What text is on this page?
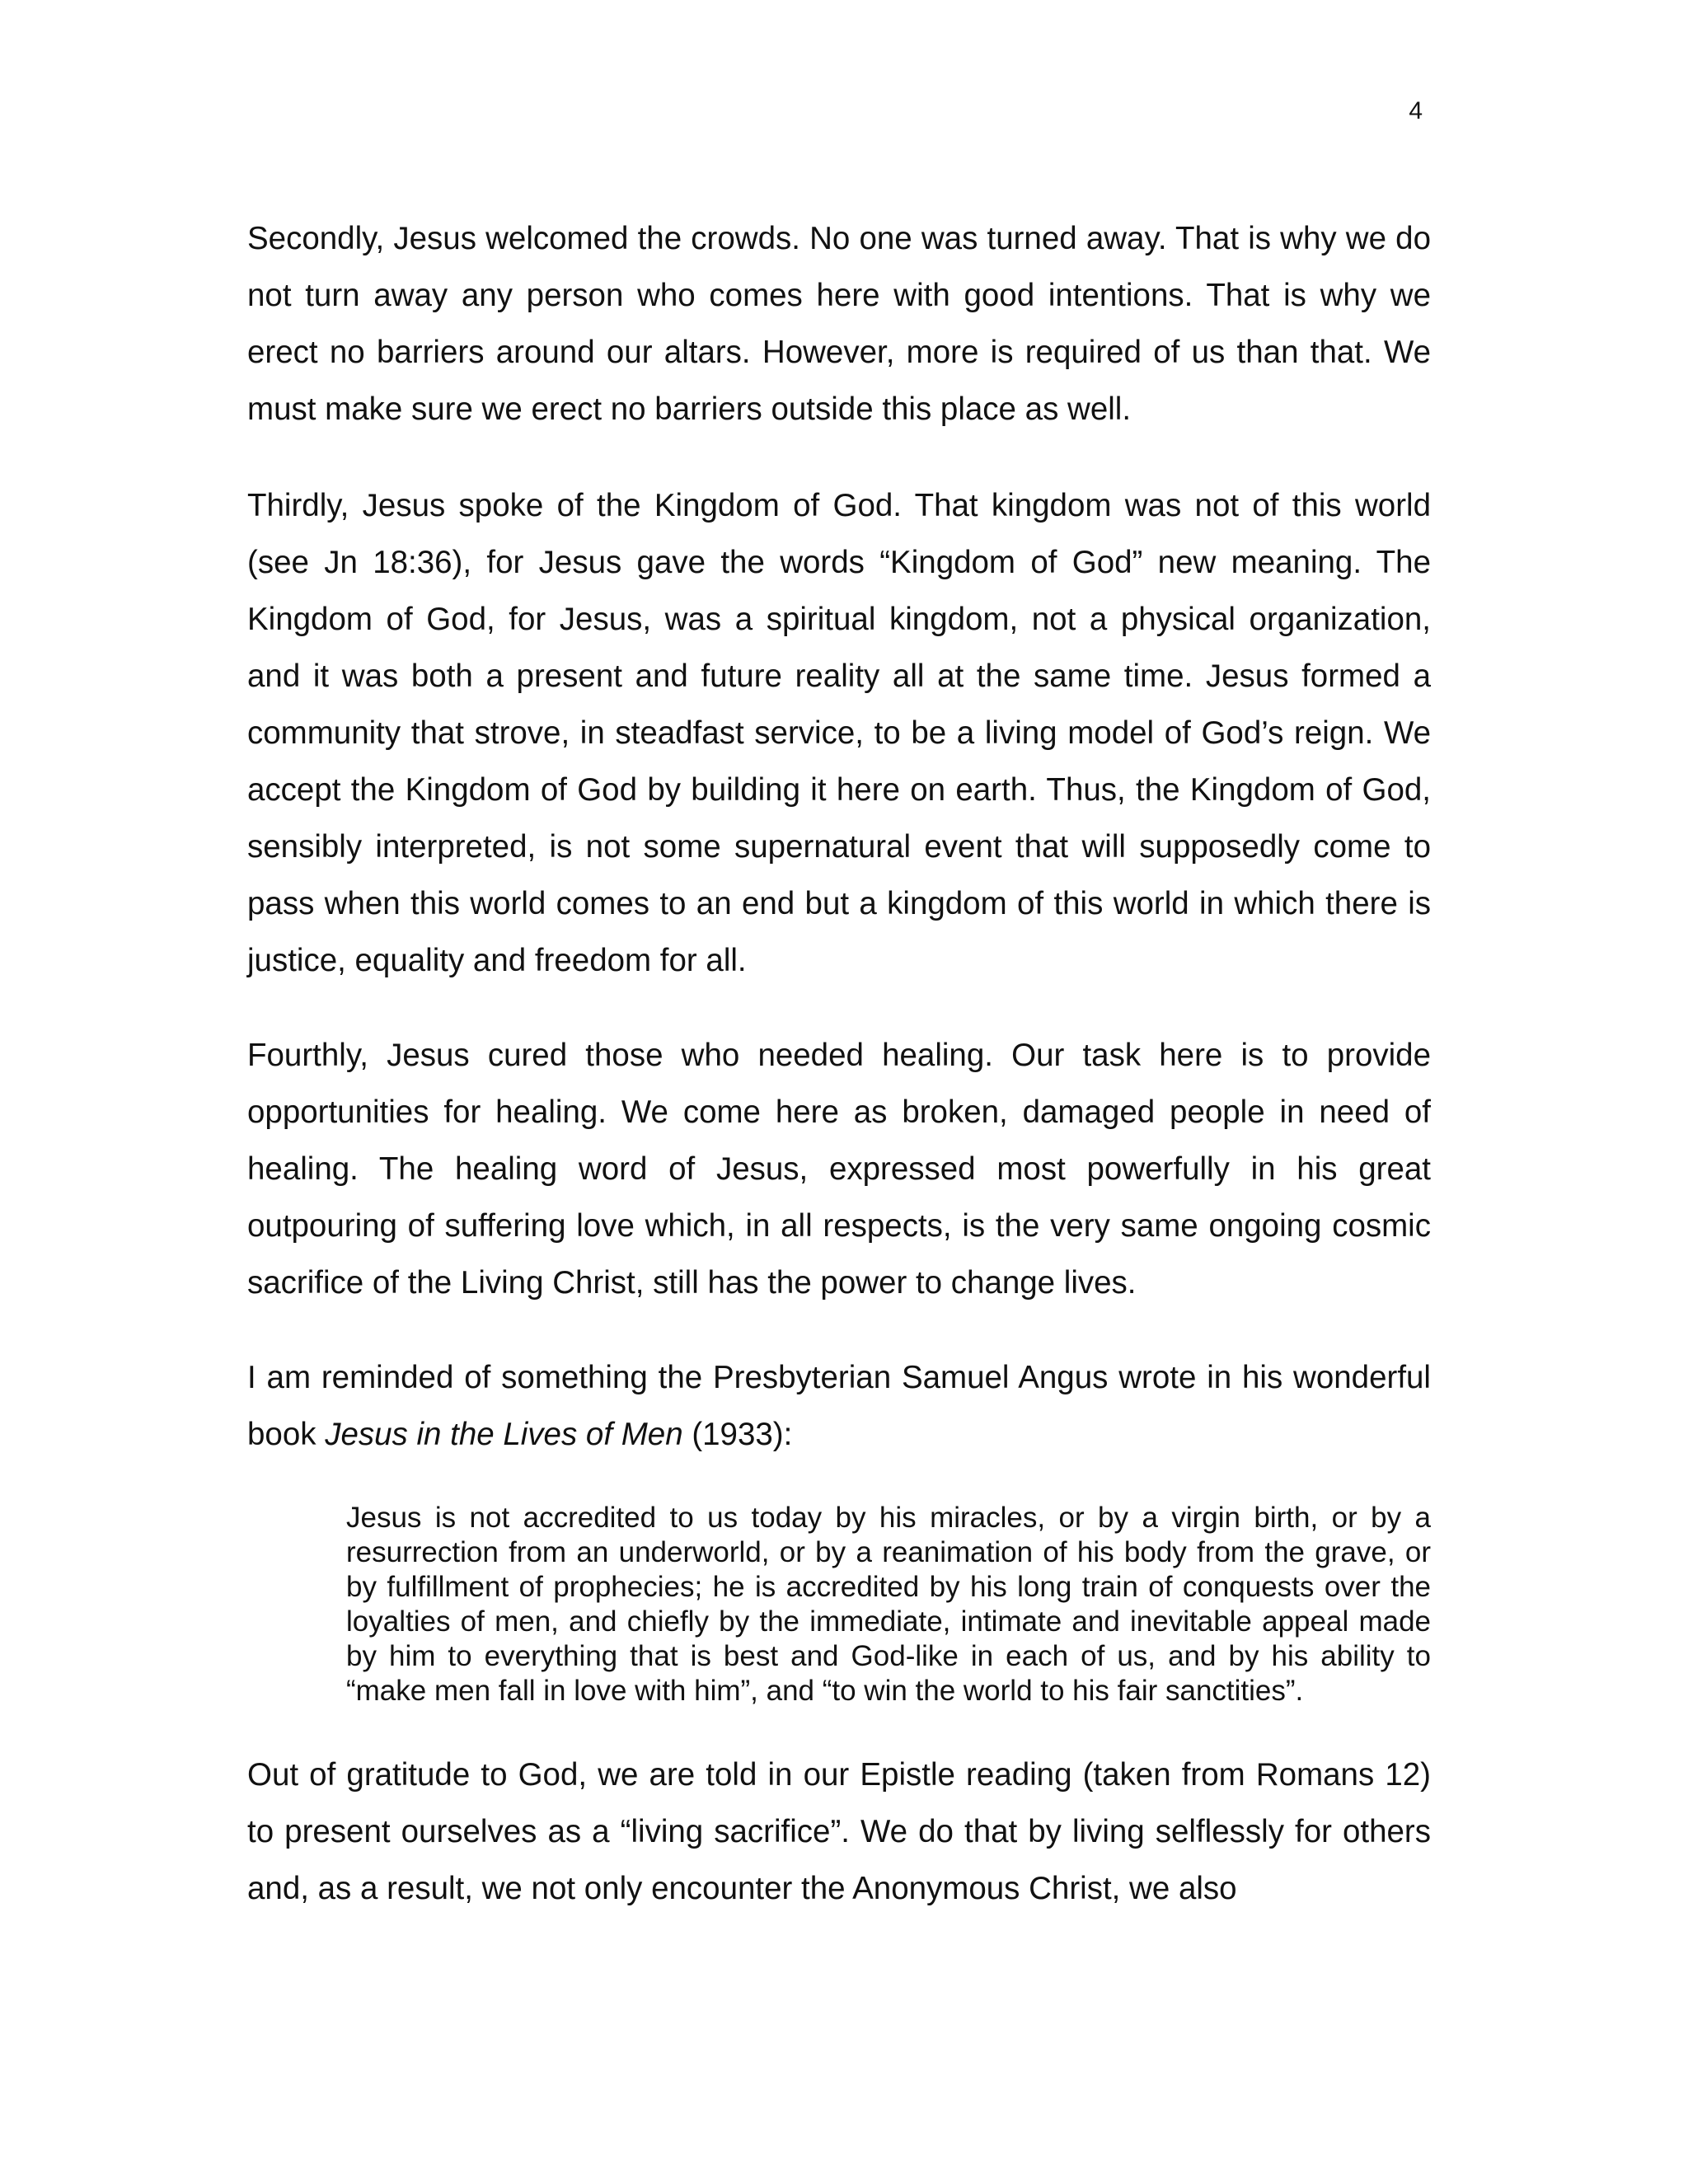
4

Secondly, Jesus welcomed the crowds. No one was turned away. That is why we do not turn away any person who comes here with good intentions. That is why we erect no barriers around our altars. However, more is required of us than that. We must make sure we erect no barriers outside this place as well.

Thirdly, Jesus spoke of the Kingdom of God. That kingdom was not of this world (see Jn 18:36), for Jesus gave the words “Kingdom of God” new meaning. The Kingdom of God, for Jesus, was a spiritual kingdom, not a physical organization, and it was both a present and future reality all at the same time. Jesus formed a community that strove, in steadfast service, to be a living model of God’s reign. We accept the Kingdom of God by building it here on earth. Thus, the Kingdom of God, sensibly interpreted, is not some supernatural event that will supposedly come to pass when this world comes to an end but a kingdom of this world in which there is justice, equality and freedom for all.

Fourthly, Jesus cured those who needed healing. Our task here is to provide opportunities for healing. We come here as broken, damaged people in need of healing. The healing word of Jesus, expressed most powerfully in his great outpouring of suffering love which, in all respects, is the very same ongoing cosmic sacrifice of the Living Christ, still has the power to change lives.

I am reminded of something the Presbyterian Samuel Angus wrote in his wonderful book Jesus in the Lives of Men (1933):

Jesus is not accredited to us today by his miracles, or by a virgin birth, or by a resurrection from an underworld, or by a reanimation of his body from the grave, or by fulfillment of prophecies; he is accredited by his long train of conquests over the loyalties of men, and chiefly by the immediate, intimate and inevitable appeal made by him to everything that is best and God-like in each of us, and by his ability to “make men fall in love with him”, and “to win the world to his fair sanctities”.

Out of gratitude to God, we are told in our Epistle reading (taken from Romans 12) to present ourselves as a “living sacrifice”. We do that by living selflessly for others and, as a result, we not only encounter the Anonymous Christ, we also
